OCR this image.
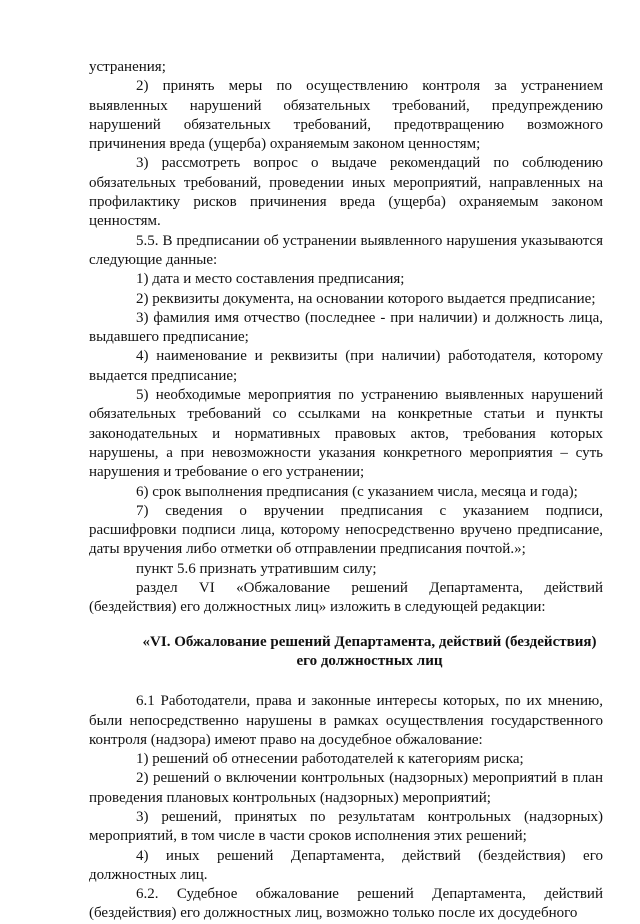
устранения;

2) принять меры по осуществлению контроля за устранением выявленных нарушений обязательных требований, предупреждению нарушений обязательных требований, предотвращению возможного причинения вреда (ущерба) охраняемым законом ценностям;

3) рассмотреть вопрос о выдаче рекомендаций по соблюдению обязательных требований, проведении иных мероприятий, направленных на профилактику рисков причинения вреда (ущерба) охраняемым законом ценностям.

5.5. В предписании об устранении выявленного нарушения указываются следующие данные:

1) дата и место составления предписания;

2) реквизиты документа, на основании которого выдается предписание;

3) фамилия имя отчество (последнее - при наличии) и должность лица, выдавшего предписание;

4) наименование и реквизиты (при наличии) работодателя, которому выдается предписание;

5) необходимые мероприятия по устранению выявленных нарушений обязательных требований со ссылками на конкретные статьи и пункты законодательных и нормативных правовых актов, требования которых нарушены, а при невозможности указания конкретного мероприятия – суть нарушения и требование о его устранении;

6) срок выполнения предписания (с указанием числа, месяца и года);

7) сведения о вручении предписания с указанием подписи, расшифровки подписи лица, которому непосредственно вручено предписание, даты вручения либо отметки об отправлении предписания почтой.»;

пункт 5.6 признать утратившим силу;

раздел VI «Обжалование решений Департамента, действий (бездействия) его должностных лиц» изложить в следующей редакции:

«VI. Обжалование решений Департамента, действий (бездействия) его должностных лиц

6.1 Работодатели, права и законные интересы которых, по их мнению, были непосредственно нарушены в рамках осуществления государственного контроля (надзора) имеют право на досудебное обжалование:

1) решений об отнесении работодателей к категориям риска;

2) решений о включении контрольных (надзорных) мероприятий в план проведения плановых контрольных (надзорных) мероприятий;

3) решений, принятых по результатам контрольных (надзорных) мероприятий, в том числе в части сроков исполнения этих решений;

4) иных решений Департамента, действий (бездействия) его должностных лиц.

6.2. Судебное обжалование решений Департамента, действий (бездействия) его должностных лиц, возможно только после их досудебного
